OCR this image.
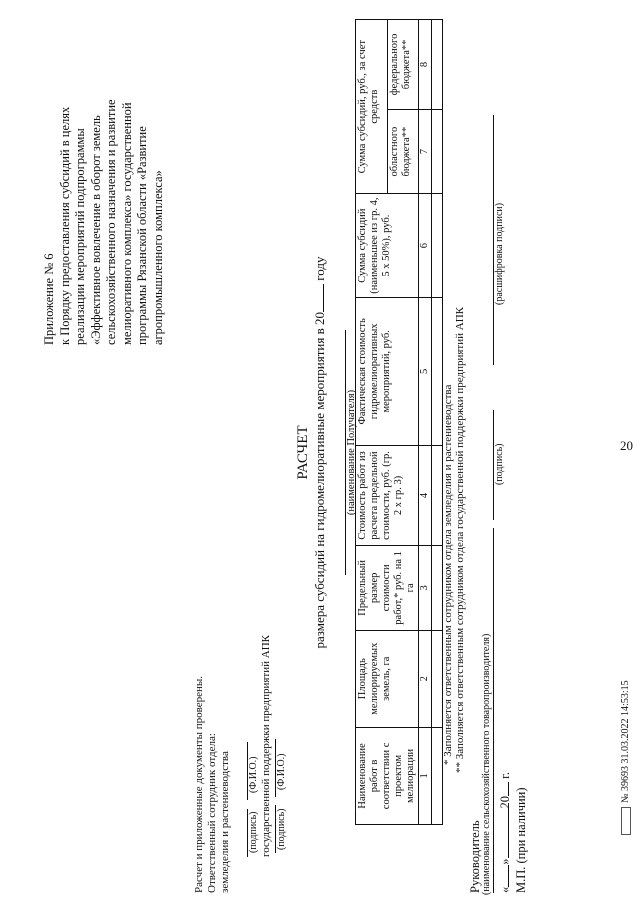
Приложение № 6 к Порядку предоставления субсидий в целях реализации мероприятий подпрограммы «Эффективное вовлечение в оборот земель сельскохозяйственного назначения и развитие мелиоративного комплекса» государственной программы Рязанской области «Развитие агропромышленного комплекса»
РАСЧЕТ размера субсидий на гидромелиоративные мероприятия в 20 году
(наименование Получателя)
Наименование работ в соответствии с проектом мелиорации	Площадь мелиорируемых земель, га	Предельный размер стоимости работ,* руб. на 1 га	Стоимость работ из расчета предельной стоимости, руб. (гр. 2 х гр. 3)	Фактическая стоимость гидромелиоративных мероприятий, руб.	Сумма субсидий (наименьшее из гр. 4, 5 х 50%), руб.	Сумма субсидий, руб., за счет средств	
						областного бюджета**	федерального бюджета**
1	2	3	4	5	6	7	8

* Заполняется ответственным сотрудником отдела земледелия и растениеводства ** Заполняется ответственным сотрудником отдела государственной поддержки предприятий АПК
Расчет и приложенные документы проверены. Ответственный сотрудник отдела: земледелия и растениеводства (подпись)
(Ф.И.О.) государственной поддержки предприятий АПК (подпись)
(Ф.И.О.)
Руководитель (наименование сельскохозяйственного товаропроизводителя)
(подпись)
(расшифровка подписи)
«»20 г.
М.П. (при наличии)
№ 39693 31.03.2022 14:53:15
20
